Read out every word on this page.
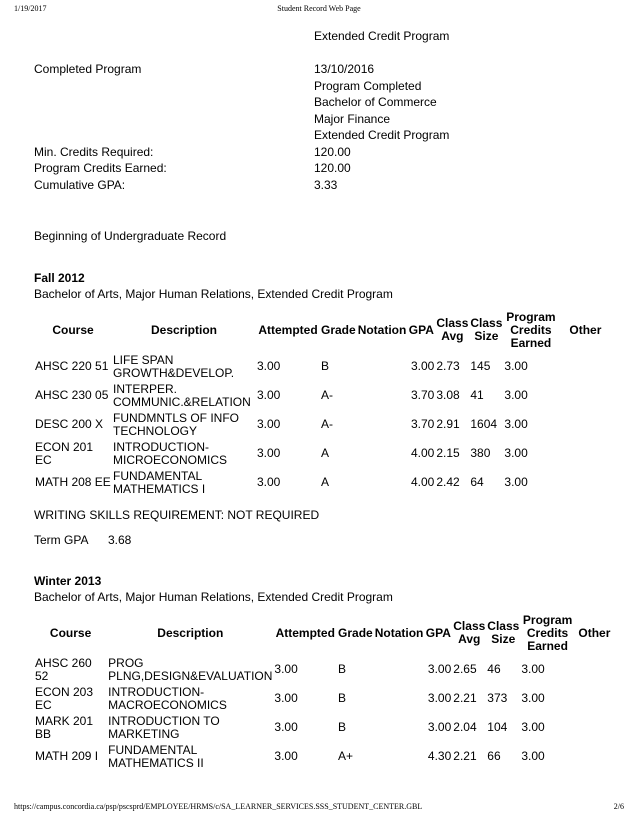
1/19/2017	Student Record Web Page
Extended Credit Program
Completed Program	13/10/2016
Program Completed
Bachelor of Commerce
Major Finance
Extended Credit Program
Min. Credits Required:	120.00
Program Credits Earned:	120.00
Cumulative GPA:	3.33
Beginning of Undergraduate Record
Fall 2012
Bachelor of Arts, Major Human Relations, Extended Credit Program
Course	Description	Attempted	Grade	Notation	GPA	Class Avg	Class Size	Program Credits Earned	Other
AHSC 220 51	LIFE SPAN GROWTH&DEVELOP.	3.00	B		3.00	2.73	145	3.00	
AHSC 230 05	INTERPER. COMMUNIC.&RELATION	3.00	A-		3.70	3.08	41	3.00	
DESC 200 X	FUNDMNTLS OF INFO TECHNOLOGY	3.00	A-		3.70	2.91	1604	3.00	
ECON 201 EC	INTRODUCTION-MICROECONOMICS	3.00	A		4.00	2.15	380	3.00	
MATH 208 EE	FUNDAMENTAL MATHEMATICS I	3.00	A		4.00	2.42	64	3.00	
WRITING SKILLS REQUIREMENT: NOT REQUIRED
Term GPA	3.68
Winter 2013
Bachelor of Arts, Major Human Relations, Extended Credit Program
Course	Description	Attempted	Grade	Notation	GPA	Class Avg	Class Size	Program Credits Earned	Other
AHSC 260 52	PROG PLNG,DESIGN&EVALUATION	3.00	B		3.00	2.65	46	3.00	
ECON 203 EC	INTRODUCTION-MACROECONOMICS	3.00	B		3.00	2.21	373	3.00	
MARK 201 BB	INTRODUCTION TO MARKETING	3.00	B		3.00	2.04	104	3.00	
MATH 209 I	FUNDAMENTAL MATHEMATICS II	3.00	A+		4.30	2.21	66	3.00	
https://campus.concordia.ca/psp/pscsprd/EMPLOYEE/HRMS/c/SA_LEARNER_SERVICES.SSS_STUDENT_CENTER.GBL	2/6
